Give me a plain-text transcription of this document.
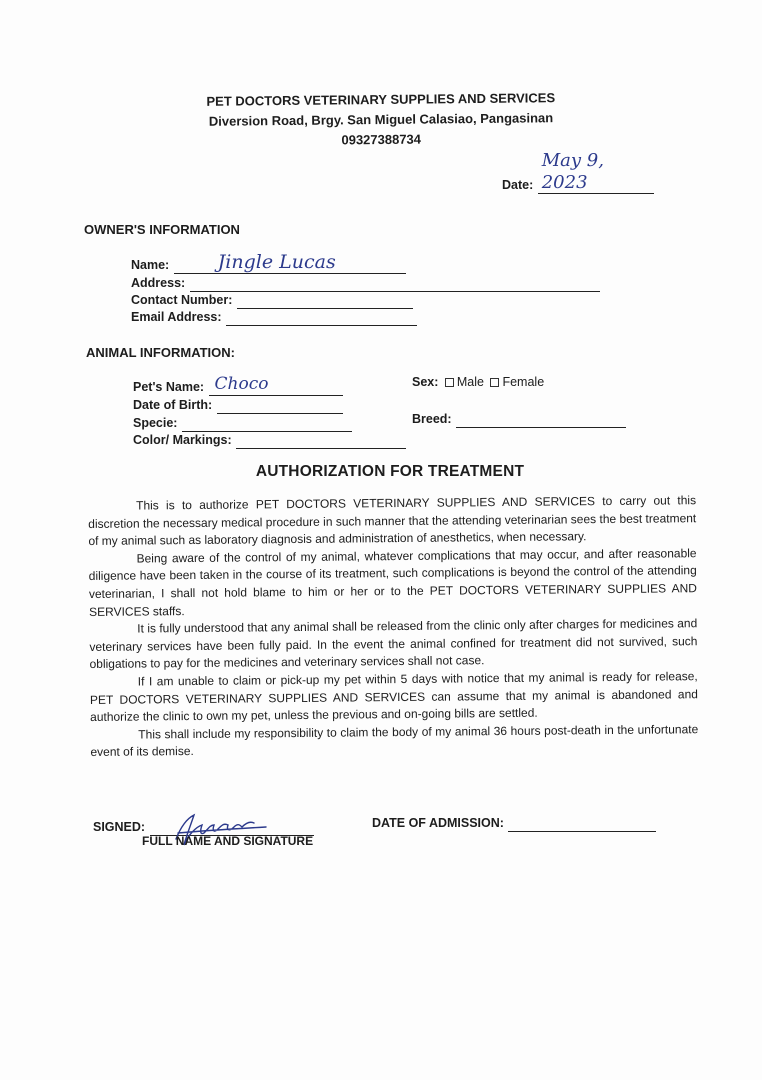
PET DOCTORS VETERINARY SUPPLIES AND SERVICES
Diversion Road, Brgy. San Miguel Calasiao, Pangasinan
09327388734
Date:
May 9, 2023
OWNER'S INFORMATION
Name:	Jingle Lucas
Address:
Contact Number:
Email Address:
ANIMAL INFORMATION:
Pet's Name: Choco
Date of Birth:
Specie:
Color/ Markings:
Sex: Male Female
Breed:
AUTHORIZATION FOR TREATMENT

This is to authorize PET DOCTORS VETERINARY SUPPLIES AND SERVICES to carry out this discretion the necessary medical procedure in such manner that the attending veterinarian sees the best treatment of my animal such as laboratory diagnosis and administration of anesthetics, when necessary.

Being aware of the control of my animal, whatever complications that may occur, and after reasonable diligence have been taken in the course of its treatment, such complications is beyond the control of the attending veterinarian, I shall not hold blame to him or her or to the PET DOCTORS VETERINARY SUPPLIES AND SERVICES staffs.

It is fully understood that any animal shall be released from the clinic only after charges for medicines and veterinary services have been fully paid. In the event the animal confined for treatment did not survived, such obligations to pay for the medicines and veterinary services shall not case.

If I am unable to claim or pick-up my pet within 5 days with notice that my animal is ready for release, PET DOCTORS VETERINARY SUPPLIES AND SERVICES can assume that my animal is abandoned and authorize the clinic to own my pet, unless the previous and on-going bills are settled.

This shall include my responsibility to claim the body of my animal 36 hours post-death in the unfortunate event of its demise.

SIGNED:
FULL NAME AND SIGNATURE
DATE OF ADMISSION:
